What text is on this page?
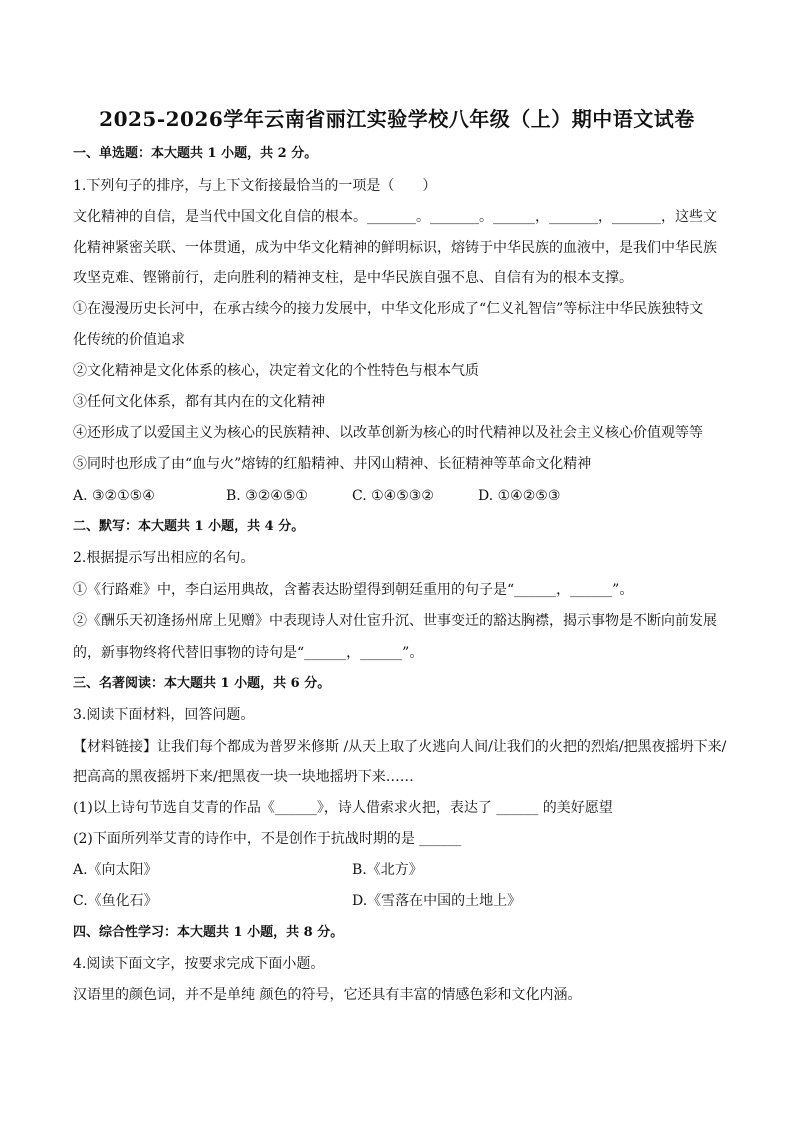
2025-2026学年云南省丽江实验学校八年级（上）期中语文试卷
一、单选题：本大题共 1 小题，共 2 分。
1.下列句子的排序，与上下文衔接最恰当的一项是（　　）
文化精神的自信，是当代中国文化自信的根本。_______。_______。______，_______，_______，这些文
化精神紧密关联、一体贯通，成为中华文化精神的鲜明标识，熔铸于中华民族的血液中，是我们中华民族
攻坚克难、铿锵前行，走向胜利的精神支柱，是中华民族自强不息、自信有为的根本支撑。
①在漫漫历史长河中，在承古续今的接力发展中，中华文化形成了“仁义礼智信”等标注中华民族独特文
化传统的价值追求
②文化精神是文化体系的核心，决定着文化的个性特色与根本气质
③任何文化体系，都有其内在的文化精神
④还形成了以爱国主义为核心的民族精神、以改革创新为核心的时代精神以及社会主义核心价值观等等
⑤同时也形成了由“血与火”熔铸的红船精神、井冈山精神、长征精神等革命文化精神
A. ③②①⑤④	B. ③②④⑤①	C. ①④⑤③②	D. ①④②⑤③
二、默写：本大题共 1 小题，共 4 分。
2.根据提示写出相应的名句。
①《行路难》中，李白运用典故，含蓄表达盼望得到朝廷重用的句子是“______，______”。
②《酬乐天初逢扬州席上见赠》中表现诗人对仕宦升沉、世事变迁的豁达胸襟，揭示事物是不断向前发展
的，新事物终将代替旧事物的诗句是“______，______”。
三、名著阅读：本大题共 1 小题，共 6 分。
3.阅读下面材料，回答问题。
【材料链接】让我们每个都成为普罗米修斯 /从天上取了火逃向人间/让我们的火把的烈焰/把黑夜摇坍下来/
把高高的黑夜摇坍下来/把黑夜一块一块地摇坍下来……
(1)以上诗句节选自艾青的作品《______》，诗人借索求火把，表达了 ______ 的美好愿望
(2)下面所列举艾青的诗作中，不是创作于抗战时期的是 ______
A.《向太阳》	B.《北方》
C.《鱼化石》	D.《雪落在中国的土地上》
四、综合性学习：本大题共 1 小题，共 8 分。
4.阅读下面文字，按要求完成下面小题。
汉语里的颜色词，并不是单纯 颜色的符号，它还具有丰富的情感色彩和文化内涵。
